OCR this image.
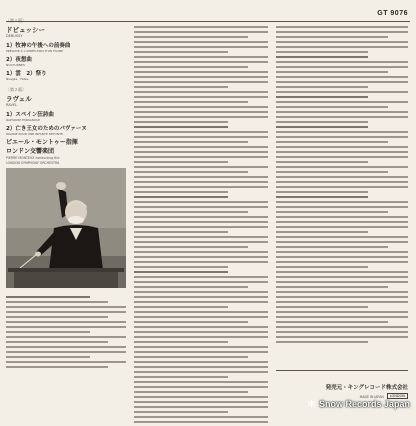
GT 9076
〔第１面〕
ドビュッシー
DEBUSSY
1）牧神の午後への前奏曲
PRÉLUDE À L'APRÈS-MIDI D'UN FAUNE
2）夜想曲
NOCTURNES
1）雲　2）祭り
Nuages　Fêtes
〔第２面〕
ラヴェル
RAVEL
1）スペイン狂詩曲
RAPSODIE ESPAGNOLE
2）亡き王女のためのパヴァーヌ
PAVANE POUR UNE INFANTE DÉFUNTE
ピエール・モントゥー指揮
ロンドン交響楽団
PIERRE MONTEUX conducting the
LONDON SYMPHONY ORCHESTRA
発売元・キングレコード株式会社
MADE IN JAPAN	LONDON
Snow Records Japan
